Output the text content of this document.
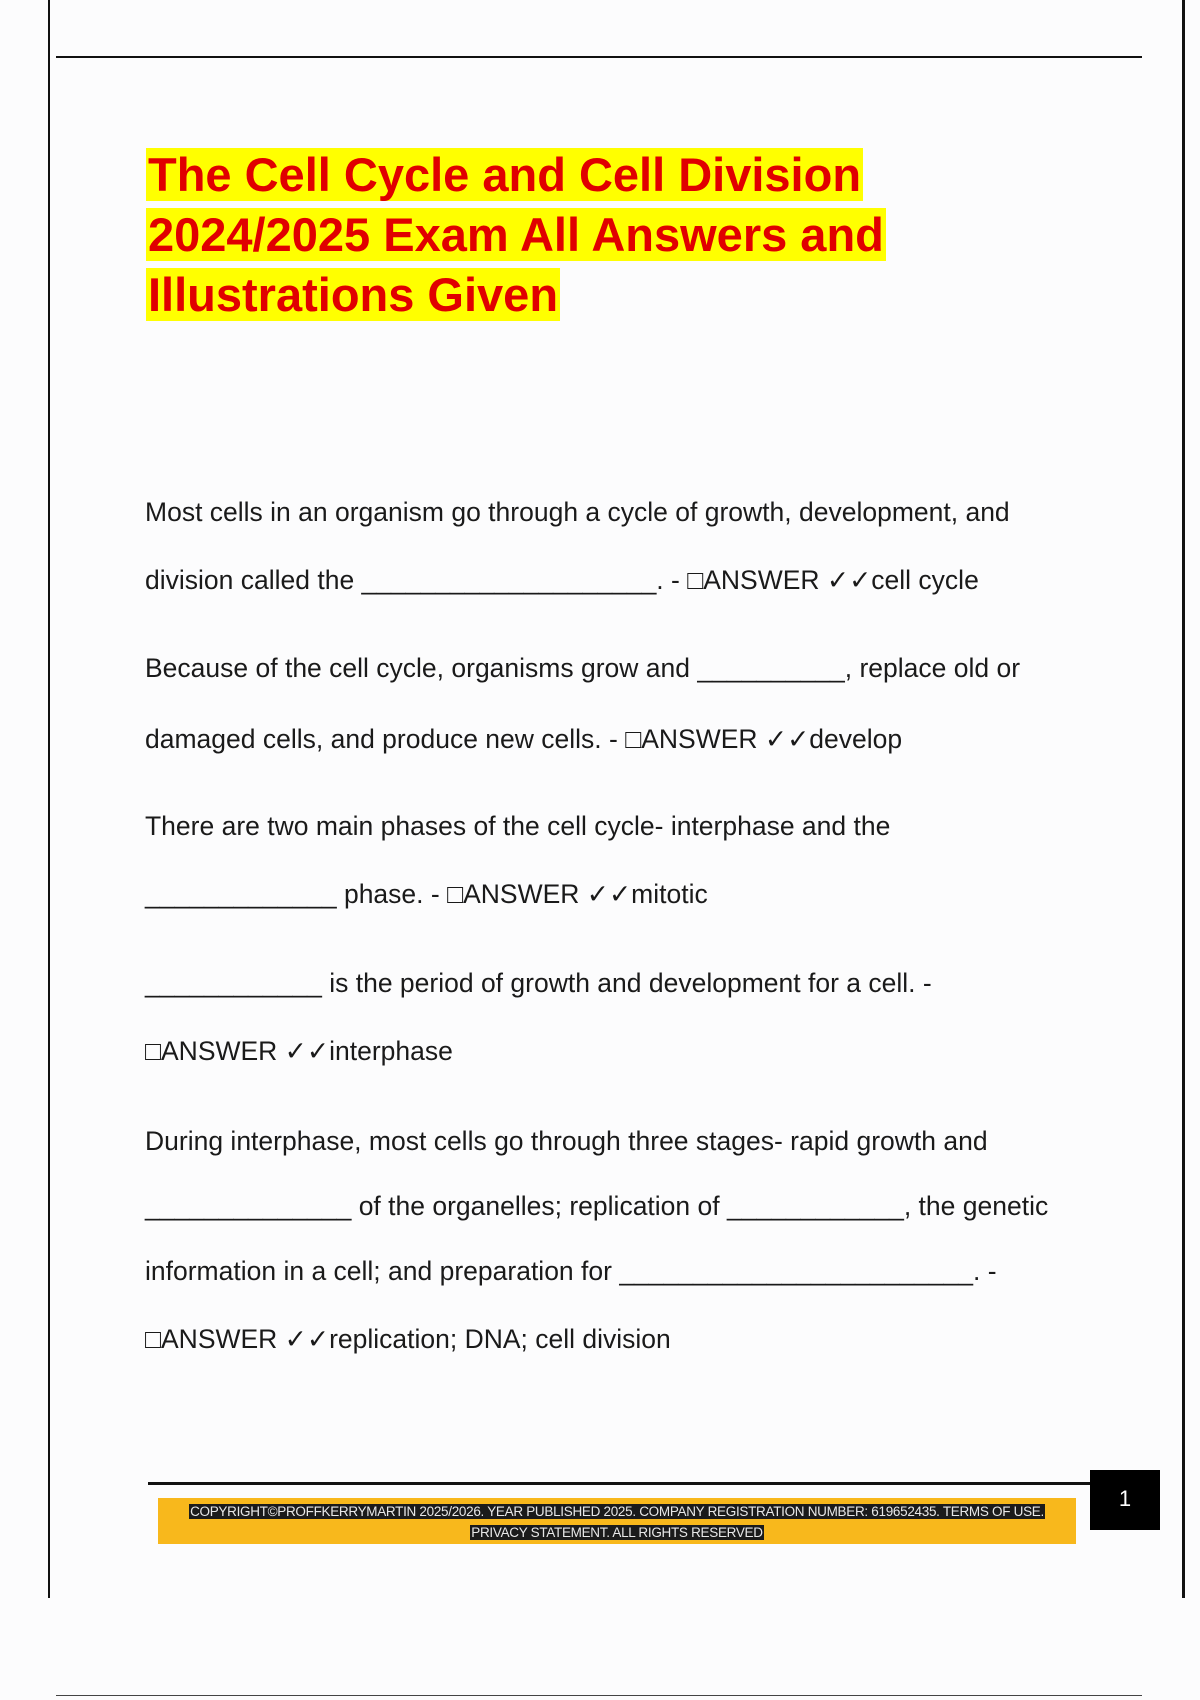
The Cell Cycle and Cell Division
2024/2025 Exam All Answers and
Illustrations Given

Most cells in an organism go through a cycle of growth, development, and

division called the ____________________. - □ANSWER ✓✓cell cycle

Because of the cell cycle, organisms grow and __________, replace old or

damaged cells, and produce new cells. - □ANSWER ✓✓develop

There are two main phases of the cell cycle- interphase and the

_____________ phase. - □ANSWER ✓✓mitotic

____________ is the period of growth and development for a cell. -

□ANSWER ✓✓interphase

During interphase, most cells go through three stages- rapid growth and

______________ of the organelles; replication of ____________, the genetic

information in a cell; and preparation for ________________________. -

□ANSWER ✓✓replication; DNA; cell division

COPYRIGHT©PROFFKERRYMARTIN 2025/2026. YEAR PUBLISHED 2025. COMPANY REGISTRATION NUMBER: 619652435. TERMS OF USE.
PRIVACY STATEMENT. ALL RIGHTS RESERVED
1
